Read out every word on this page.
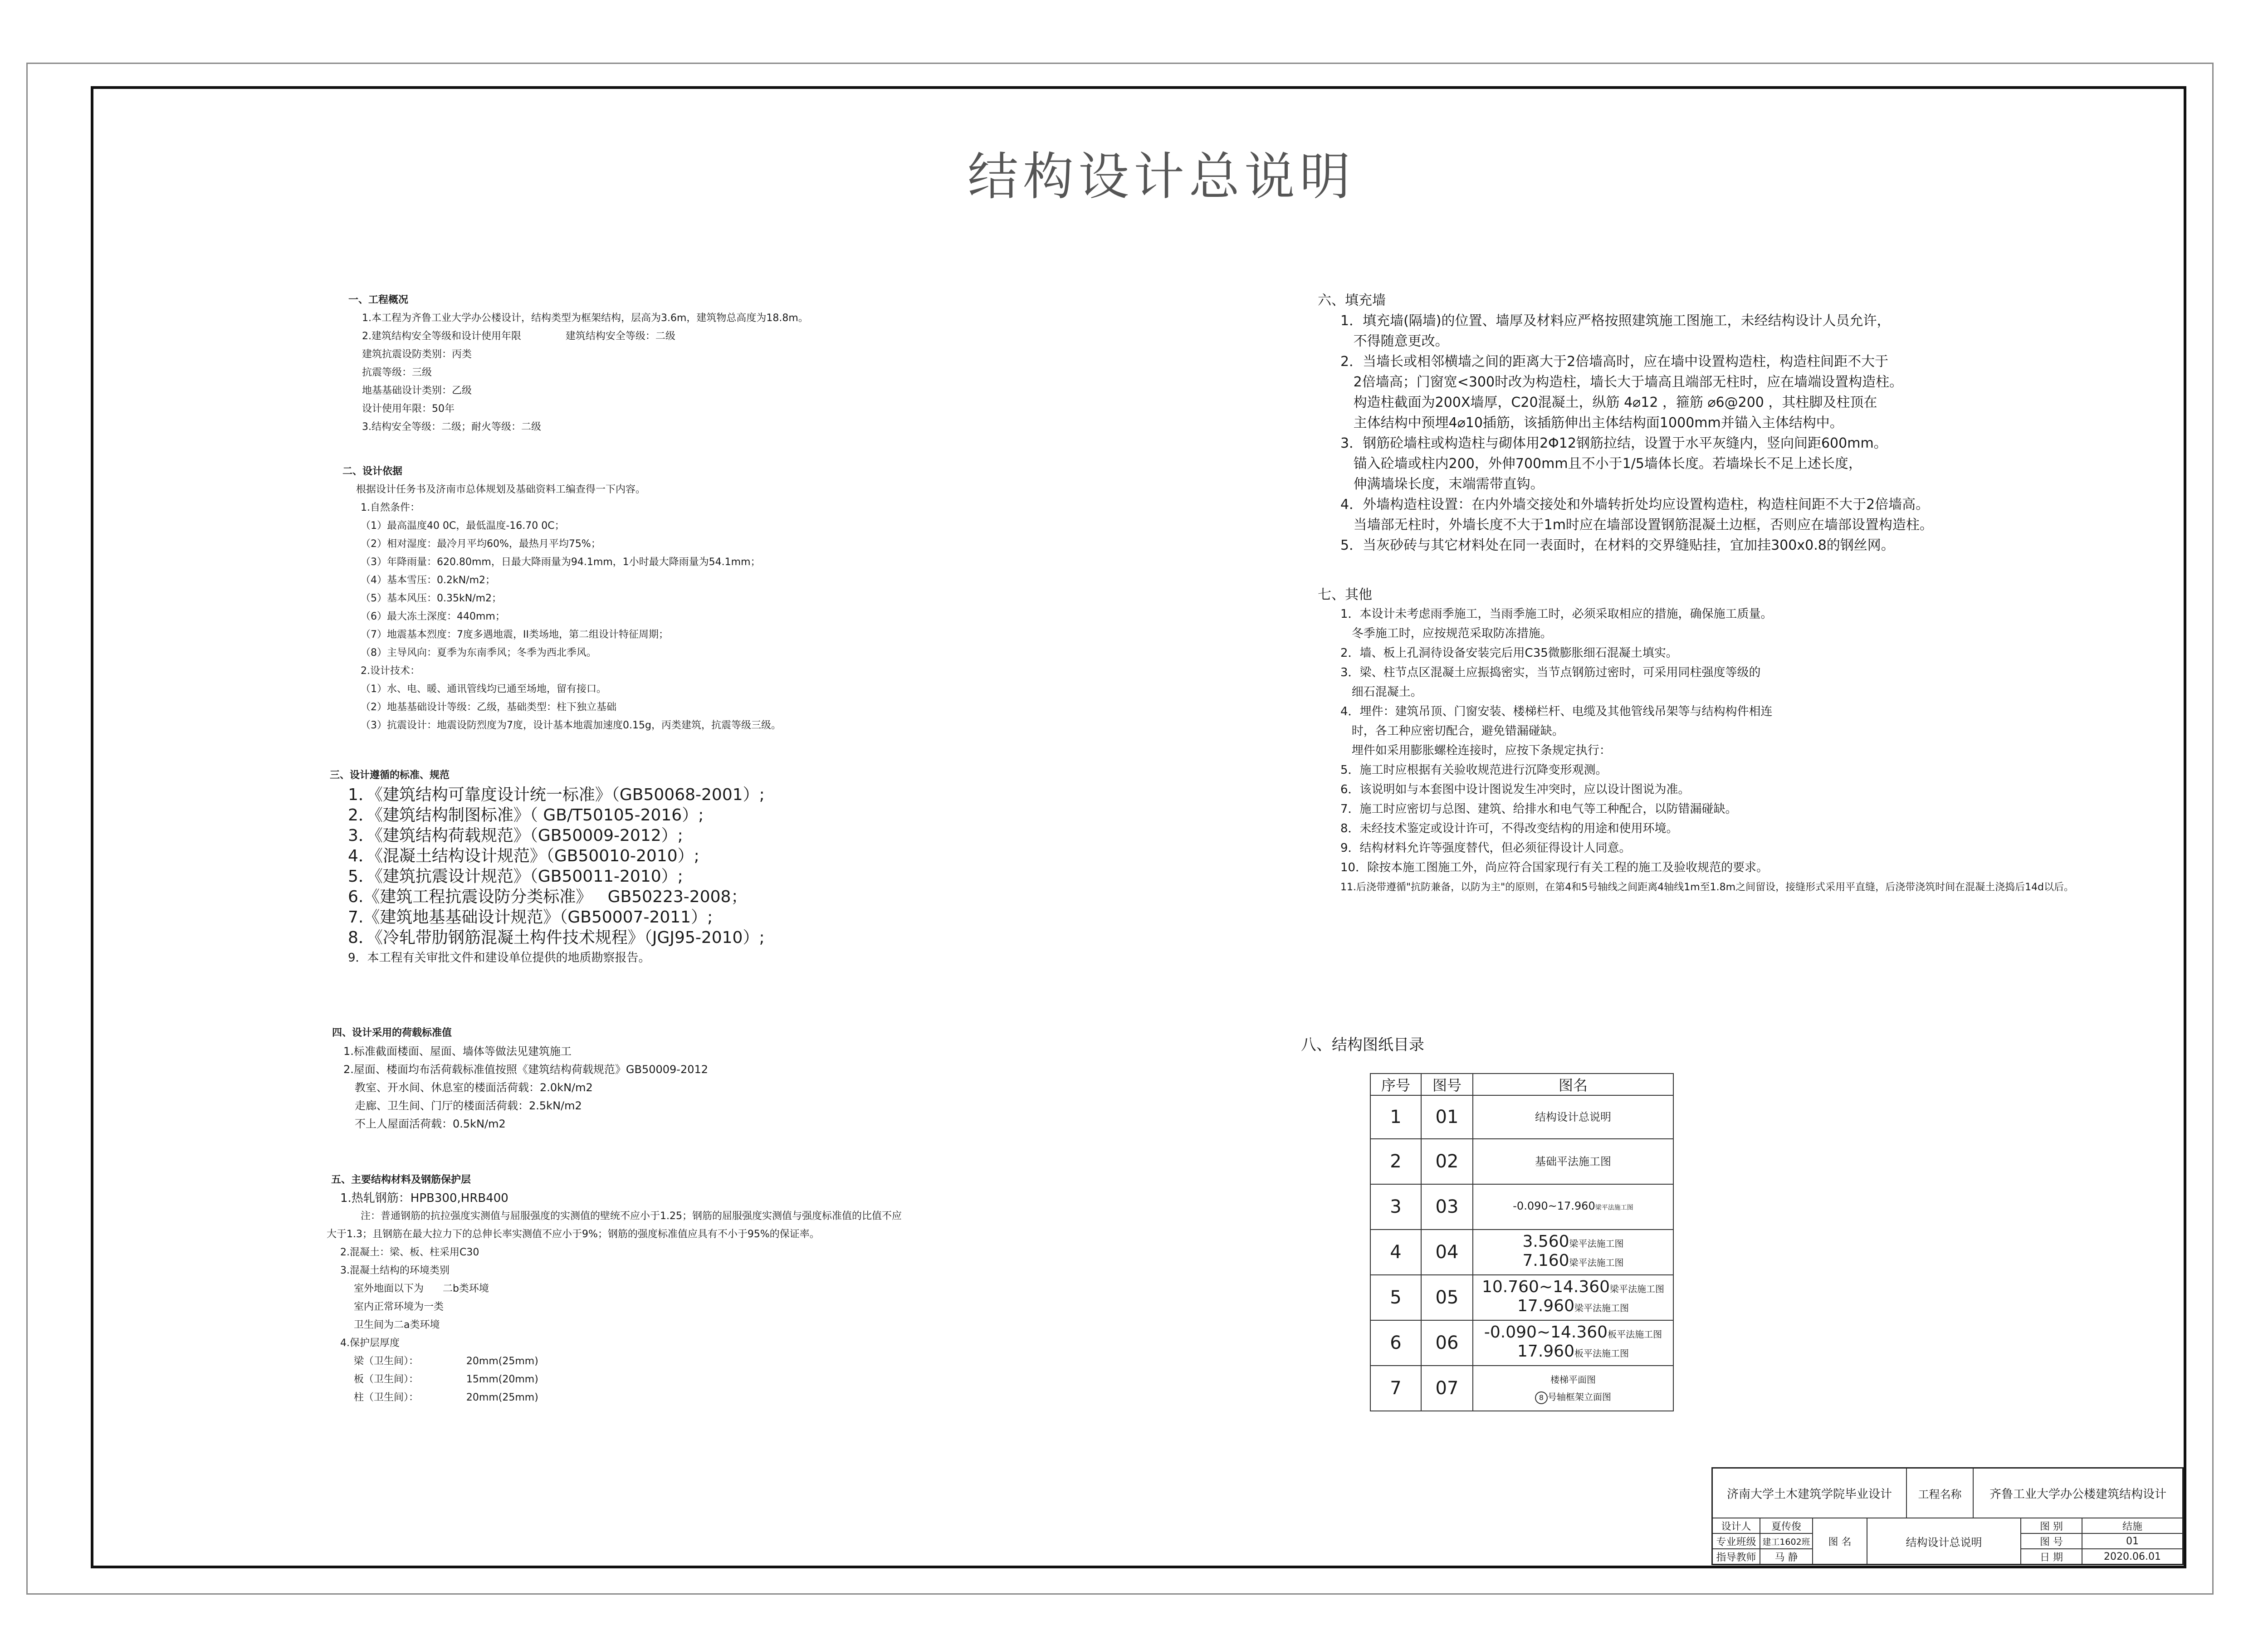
结构设计总说明
一、工程概况
1.本工程为齐鲁工业大学办公楼设计，结构类型为框架结构，层高为3.6m，建筑物总高度为18.8m。
2.建筑结构安全等级和设计使用年限              建筑结构安全等级：二级
建筑抗震设防类别：丙类
抗震等级：三级
地基基础设计类别：乙级
设计使用年限：50年
3.结构安全等级：二级；耐火等级：二级
二、设计依据
根据设计任务书及济南市总体规划及基础资料工编查得一下内容。
1.自然条件：
（1）最高温度40 0C，最低温度-16.70 0C；
（2）相对湿度：最冷月平均60%，最热月平均75%；
（3）年降雨量：620.80mm，日最大降雨量为94.1mm，1小时最大降雨量为54.1mm；
（4）基本雪压：0.2kN/m2；
（5）基本风压：0.35kN/m2；
（6）最大冻土深度：440mm；
（7）地震基本烈度：7度多遇地震，II类场地，第二组设计特征周期；
（8）主导风向：夏季为东南季风；冬季为西北季风。
2.设计技术：
（1）水、电、暖、通讯管线均已通至场地，留有接口。
（2）地基基础设计等级：乙级，基础类型：柱下独立基础
（3）抗震设计：地震设防烈度为7度，设计基本地震加速度0.15g，丙类建筑，抗震等级三级。
三、设计遵循的标准、规范
1．《建筑结构可靠度设计统一标准》（GB50068-2001）;
2．《建筑结构制图标准》（ GB/T50105-2016）;
3．《建筑结构荷载规范》（GB50009-2012）;
4．《混凝土结构设计规范》（GB50010-2010）;
5．《建筑抗震设计规范》（GB50011-2010）;
6.《建筑工程抗震设防分类标准》   GB50223-2008；
7.《建筑地基基础设计规范》（GB50007-2011）;
8．《冷轧带肋钢筋混凝土构件技术规程》（JGJ95-2010）;
9．本工程有关审批文件和建设单位提供的地质勘察报告。
四、设计采用的荷载标准值
1.标准截面楼面、屋面、墙体等做法见建筑施工
2.屋面、楼面均布活荷载标准值按照《建筑结构荷载规范》GB50009-2012
教室、开水间、休息室的楼面活荷载：2.0kN/m2
走廊、卫生间、门厅的楼面活荷载：2.5kN/m2
不上人屋面活荷载：0.5kN/m2
五、主要结构材料及钢筋保护层
1.热轧钢筋：HPB300,HRB400
注：普通钢筋的抗拉强度实测值与屈服强度的实测值的壁统不应小于1.25；钢筋的屈服强度实测值与强度标准值的比值不应
大于1.3；且钢筋在最大拉力下的总伸长率实测值不应小于9%；钢筋的强度标准值应具有不小于95%的保证率。
2.混凝土：梁、板、柱采用C30
3.混凝土结构的环境类别
室外地面以下为      二b类环境
室内正常环境为一类
卫生间为二a类环境
4.保护层厚度
梁（卫生间）：               20mm(25mm)
板（卫生间）：               15mm(20mm)
柱（卫生间）：               20mm(25mm)
六、填充墙
1．填充墙(隔墙)的位置、墙厚及材料应严格按照建筑施工图施工，未经结构设计人员允许，
不得随意更改。
2．当墙长或相邻横墙之间的距离大于2倍墙高时，应在墙中设置构造柱，构造柱间距不大于
2倍墙高；门窗宽<300时改为构造柱，墙长大于墙高且端部无柱时，应在墙端设置构造柱。
构造柱截面为200X墙厚，C20混凝土，纵筋 4⌀12 ，箍筋 ⌀6@200 ，其柱脚及柱顶在
主体结构中预埋4⌀10插筋，该插筋伸出主体结构面1000mm并锚入主体结构中。
3．钢筋砼墙柱或构造柱与砌体用2Φ12钢筋拉结，设置于水平灰缝内，竖向间距600mm。
锚入砼墙或柱内200，外伸700mm且不小于1/5墙体长度。若墙垛长不足上述长度，
伸满墙垛长度，末端需带直钩。
4．外墙构造柱设置：在内外墙交接处和外墙转折处均应设置构造柱，构造柱间距不大于2倍墙高。
当墙部无柱时，外墙长度不大于1m时应在墙部设置钢筋混凝土边框，否则应在墙部设置构造柱。
5．当灰砂砖与其它材料处在同一表面时，在材料的交界缝贴挂，宜加挂300x0.8的钢丝网。
七、其他
1．本设计未考虑雨季施工，当雨季施工时，必须采取相应的措施，确保施工质量。
冬季施工时，应按规范采取防冻措施。
2．墙、板上孔洞待设备安装完后用C35微膨胀细石混凝土填实。
3．梁、柱节点区混凝土应振捣密实，当节点钢筋过密时，可采用同柱强度等级的
细石混凝土。
4．埋件：建筑吊顶、门窗安装、楼梯栏杆、电缆及其他管线吊架等与结构构件相连
时，各工种应密切配合，避免错漏碰缺。
埋件如采用膨胀螺栓连接时，应按下条规定执行：
5．施工时应根据有关验收规范进行沉降变形观测。
6．该说明如与本套图中设计图说发生冲突时，应以设计图说为准。
7．施工时应密切与总图、建筑、给排水和电气等工种配合，以防错漏碰缺。
8．未经技术鉴定或设计许可，不得改变结构的用途和使用环境。
9．结构材料允许等强度替代，但必须征得设计人同意。
10．除按本施工图施工外，尚应符合国家现行有关工程的施工及验收规范的要求。
11.后浇带遵循"抗防兼备，以防为主"的原则，在第4和5号轴线之间距离4轴线1m至1.8m之间留设，接缝形式采用平直缝，后浇带浇筑时间在混凝土浇捣后14d以后。
八、结构图纸目录
序号	图号	图名
1	01	结构设计总说明
2	02	基础平法施工图
3	03	-0.090~17.960梁平法施工图
4	04	3.560梁平法施工图
7.160梁平法施工图

5	05	10.760~14.360梁平法施工图
17.960梁平法施工图

6	06	-0.090~14.360板平法施工图
17.960板平法施工图

7	07	楼梯平面图
8 号轴框架立面图
济南大学土木建筑学院毕业设计	工程名称	齐鲁工业大学办公楼建筑结构设计
设计人	夏传俊
专业班级 建工1602班
指导教师	马 静
图 名	结构设计总说明
图 别	结施
图 号	01
日 期	2020.06.01
